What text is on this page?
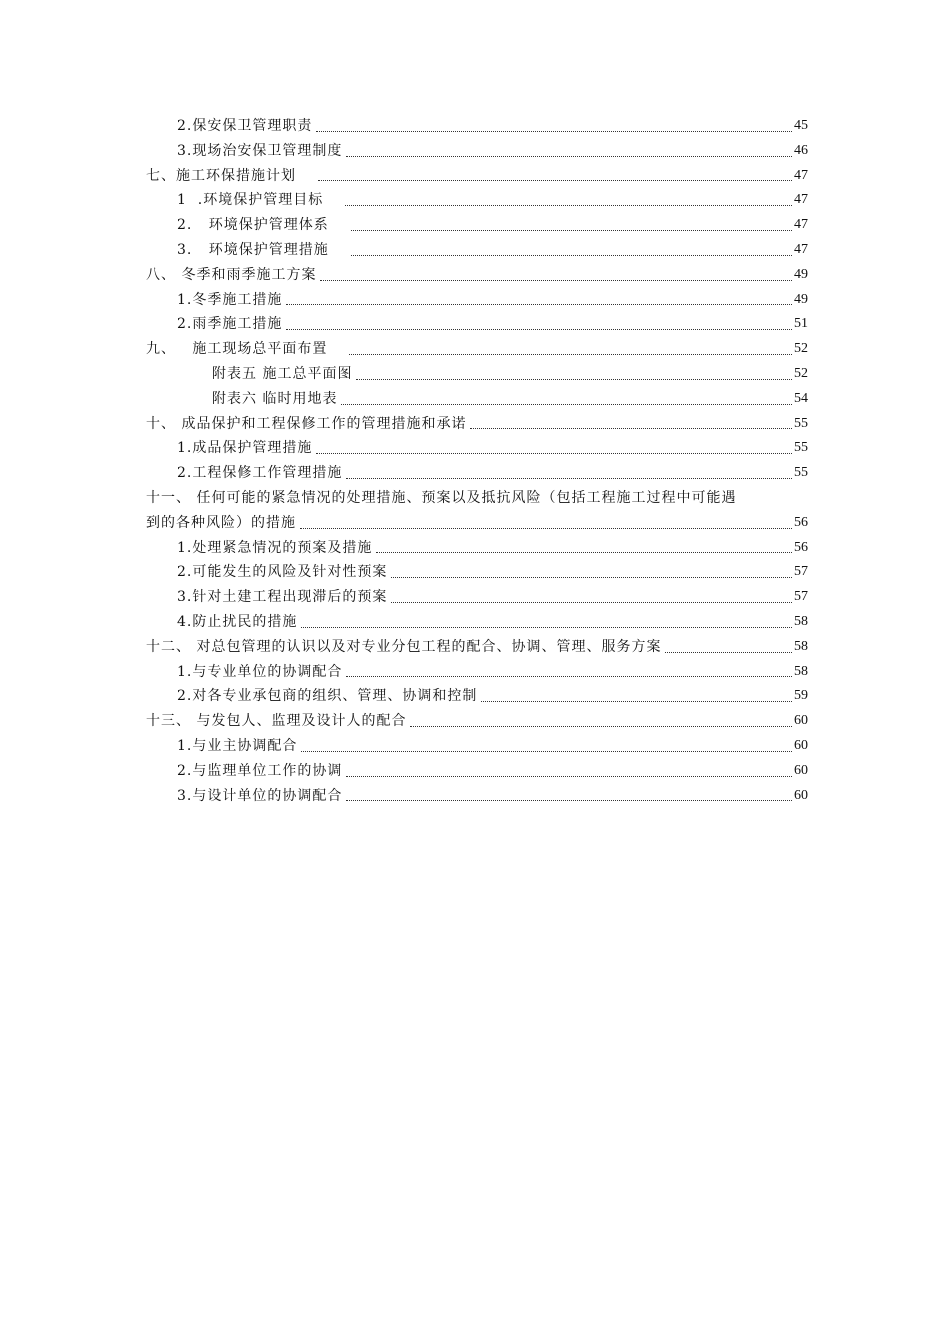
2.保安保卫管理职责	45
3.现场治安保卫管理制度	46
七、施工环保措施计划	47
1  .环境保护管理目标	47
2.   环境保护管理体系	47
3.   环境保护管理措施	47
八、 冬季和雨季施工方案	49
1.冬季施工措施	49
2.雨季施工措施	51
九、   施工现场总平面布置	52
附表五 施工总平面图	52
附表六 临时用地表	54
十、 成品保护和工程保修工作的管理措施和承诺	55
1.成品保护管理措施	55
2.工程保修工作管理措施	55
十一、 任何可能的紧急情况的处理措施、预案以及抵抗风险（包括工程施工过程中可能遇
到的各种风险）的措施	56
1.处理紧急情况的预案及措施	56
2.可能发生的风险及针对性预案	57
3.针对土建工程出现滞后的预案	57
4.防止扰民的措施	58
十二、 对总包管理的认识以及对专业分包工程的配合、协调、管理、服务方案	58
1.与专业单位的协调配合	58
2.对各专业承包商的组织、管理、协调和控制	59
十三、 与发包人、监理及设计人的配合	60
1.与业主协调配合	60
2.与监理单位工作的协调	60
3.与设计单位的协调配合	60
